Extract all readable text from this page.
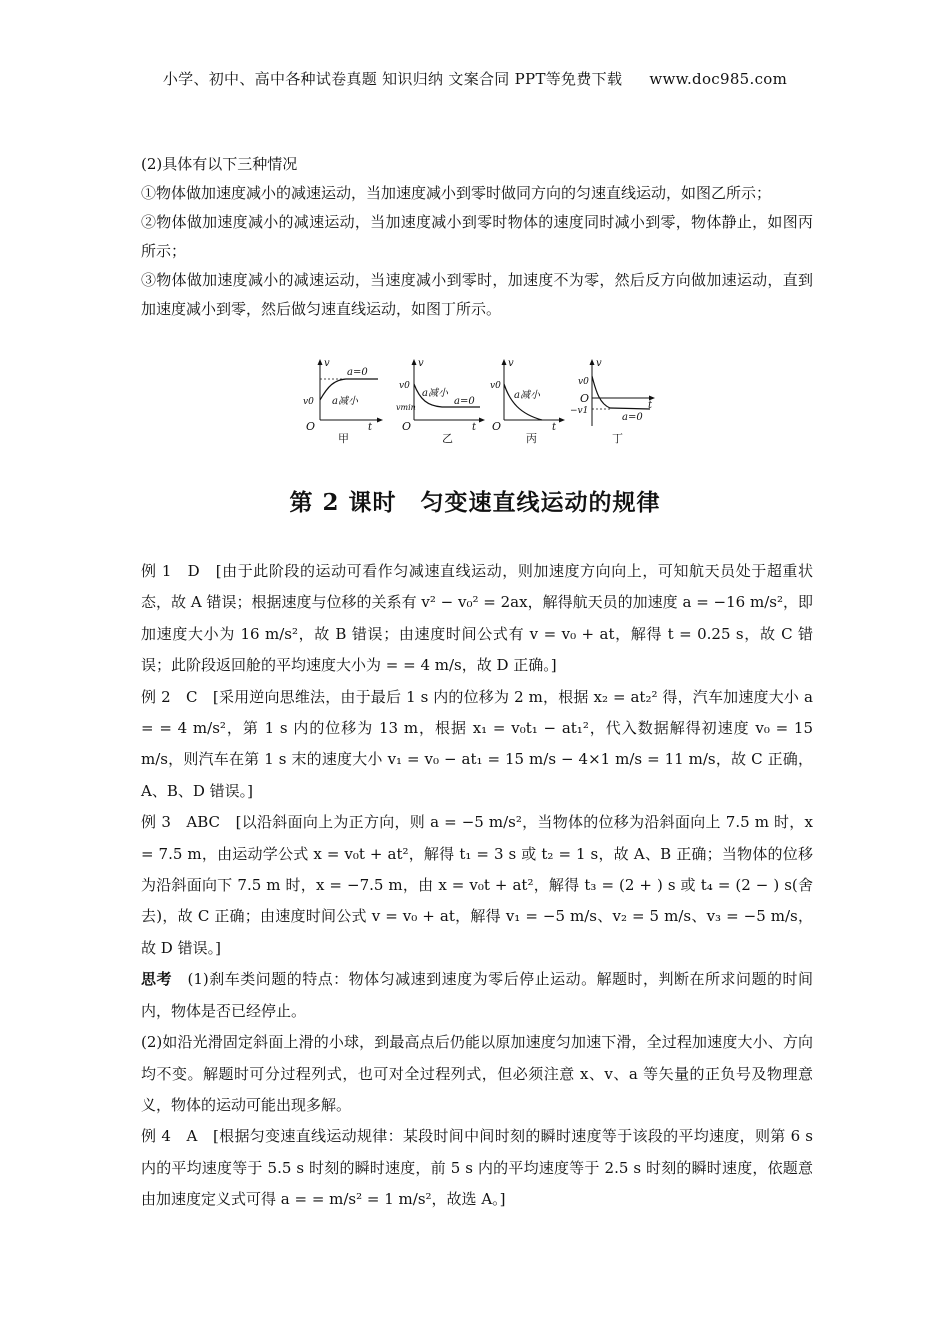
小学、初中、高中各种试卷真题 知识归纳 文案合同 PPT等免费下载 www.doc985.com

(2)具体有以下三种情况

①物体做加速度减小的减速运动，当加速度减小到零时做同方向的匀速直线运动，如图乙所示；

②物体做加速度减小的减速运动，当加速度减小到零时物体的速度同时减小到零，物体静止，如图丙所示；

③物体做加速度减小的减速运动，当速度减小到零时，加速度不为零，然后反方向做加速运动，直到加速度减小到零，然后做匀速直线运动，如图丁所示。

v
t
O
v0
a=0
a减小
甲
v
t
O
v0
vmin
a=0
a减小
乙
v
t
O
v0
a减小
丙
v
t
O
v0
−v1
a=0
丁
第 2 课时　匀变速直线运动的规律

例 1　D　 [由于此阶段的运动可看作匀减速直线运动，则加速度方向向上，可知航天员处于超重状态，故 A 错误；根据速度与位移的关系有 v² − v₀² = 2ax，解得航天员的加速度 a = −16 m/s²，即加速度大小为 16 m/s²，故 B 错误；由速度时间公式有 v = v₀ + at，解得 t = 0.25 s，故 C 错误；此阶段返回舱的平均速度大小为 = = 4 m/s，故 D 正确。]

例 2　C　 [采用逆向思维法，由于最后 1 s 内的位移为 2 m，根据 x₂ = at₂² 得，汽车加速度大小 a = = 4 m/s²，第 1 s 内的位移为 13 m，根据 x₁ = v₀t₁ − at₁²，代入数据解得初速度 v₀ = 15 m/s，则汽车在第 1 s 末的速度大小 v₁ = v₀ − at₁ = 15 m/s − 4×1 m/s = 11 m/s，故 C 正确，A、B、D 错误。]

例 3　ABC　 [以沿斜面向上为正方向，则 a = −5 m/s²，当物体的位移为沿斜面向上 7.5 m 时，x = 7.5 m，由运动学公式 x = v₀t + at²，解得 t₁ = 3 s 或 t₂ = 1 s，故 A、B 正确；当物体的位移为沿斜面向下 7.5 m 时，x = −7.5 m，由 x = v₀t + at²，解得 t₃ = (2 + ) s 或 t₄ = (2 − ) s(舍去)，故 C 正确；由速度时间公式 v = v₀ + at，解得 v₁ = −5 m/s、v₂ = 5 m/s、v₃ = −5 m/s，故 D 错误。]

思考　 (1)刹车类问题的特点：物体匀减速到速度为零后停止运动。解题时，判断在所求问题的时间内，物体是否已经停止。

(2)如沿光滑固定斜面上滑的小球，到最高点后仍能以原加速度匀加速下滑，全过程加速度大小、方向均不变。解题时可分过程列式，也可对全过程列式，但必须注意 x、v、a 等矢量的正负号及物理意义，物体的运动可能出现多解。

例 4　A　 [根据匀变速直线运动规律：某段时间中间时刻的瞬时速度等于该段的平均速度，则第 6 s 内的平均速度等于 5.5 s 时刻的瞬时速度，前 5 s 内的平均速度等于 2.5 s 时刻的瞬时速度，依题意由加速度定义式可得 a = = m/s² = 1 m/s²，故选 A。]
